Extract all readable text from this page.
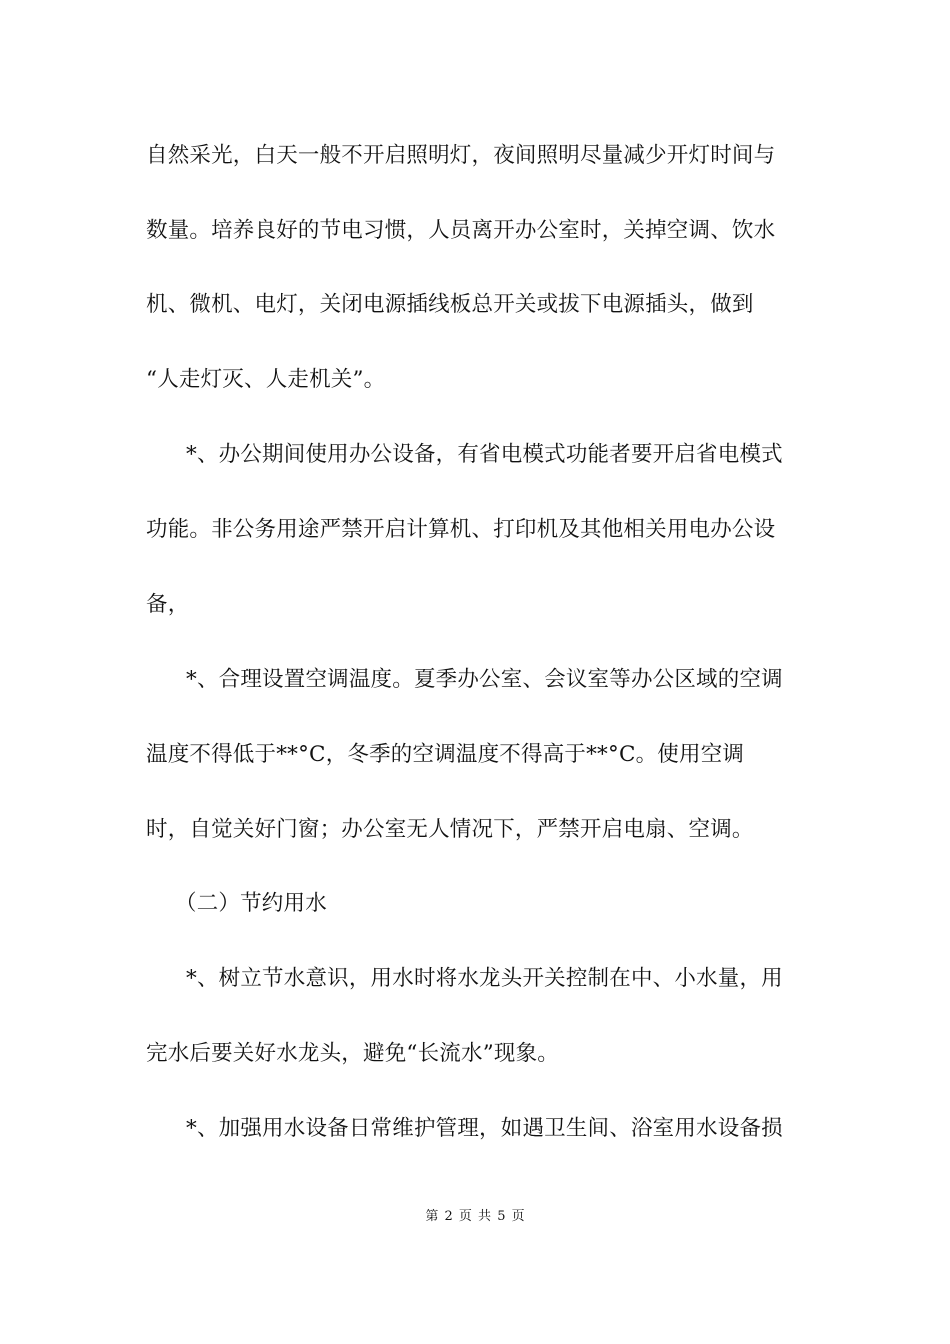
自然采光，白天一般不开启照明灯，夜间照明尽量减少开灯时间与
数量。培养良好的节电习惯，人员离开办公室时，关掉空调、饮水
机、微机、电灯，关闭电源插线板总开关或拔下电源插头，做到
“人走灯灭、人走机关”。
*、办公期间使用办公设备，有省电模式功能者要开启省电模式
功能。非公务用途严禁开启计算机、打印机及其他相关用电办公设
备，
*、合理设置空调温度。夏季办公室、会议室等办公区域的空调
温度不得低于**°C，冬季的空调温度不得高于**°C。使用空调
时，自觉关好门窗；办公室无人情况下，严禁开启电扇、空调。
（二）节约用水
*、树立节水意识，用水时将水龙头开关控制在中、小水量，用
完水后要关好水龙头，避免“长流水”现象。
*、加强用水设备日常维护管理，如遇卫生间、浴室用水设备损
第 2 页 共 5 页
